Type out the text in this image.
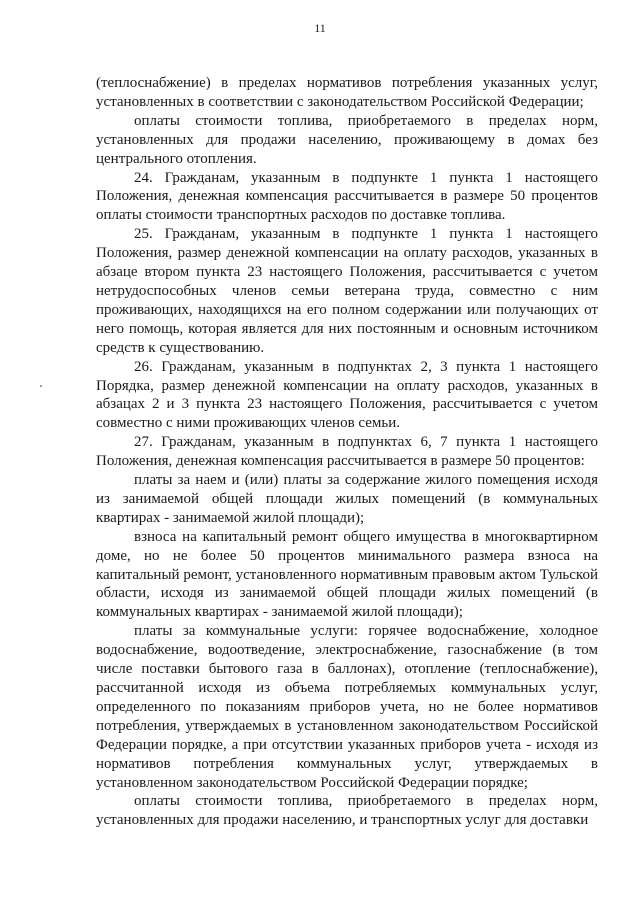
11

(теплоснабжение) в пределах нормативов потребления указанных услуг, установленных в соответствии с законодательством Российской Федерации;

оплаты стоимости топлива, приобретаемого в пределах норм, установленных для продажи населению, проживающему в домах без центрального отопления.

24. Гражданам, указанным в подпункте 1 пункта 1 настоящего Положения, денежная компенсация рассчитывается в размере 50 процентов оплаты стоимости транспортных расходов по доставке топлива.

25. Гражданам, указанным в подпункте 1 пункта 1 настоящего Положения, размер денежной компенсации на оплату расходов, указанных в абзаце втором пункта 23 настоящего Положения, рассчитывается с учетом нетрудоспособных членов семьи ветерана труда, совместно с ним проживающих, находящихся на его полном содержании или получающих от него помощь, которая является для них постоянным и основным источником средств к существованию.

26. Гражданам, указанным в подпунктах 2, 3 пункта 1 настоящего Порядка, размер денежной компенсации на оплату расходов, указанных в абзацах 2 и 3 пункта 23 настоящего Положения, рассчитывается с учетом совместно с ними проживающих членов семьи.

27. Гражданам, указанным в подпунктах 6, 7 пункта 1 настоящего Положения, денежная компенсация рассчитывается в размере 50 процентов:

платы за наем и (или) платы за содержание жилого помещения исходя из занимаемой общей площади жилых помещений (в коммунальных квартирах - занимаемой жилой площади);

взноса на капитальный ремонт общего имущества в многоквартирном доме, но не более 50 процентов минимального размера взноса на капитальный ремонт, установленного нормативным правовым актом Тульской области, исходя из занимаемой общей площади жилых помещений (в коммунальных квартирах - занимаемой жилой площади);

платы за коммунальные услуги: горячее водоснабжение, холодное водоснабжение, водоотведение, электроснабжение, газоснабжение (в том числе поставки бытового газа в баллонах), отопление (теплоснабжение), рассчитанной исходя из объема потребляемых коммунальных услуг, определенного по показаниям приборов учета, но не более нормативов потребления, утверждаемых в установленном законодательством Российской Федерации порядке, а при отсутствии указанных приборов учета - исходя из нормативов потребления коммунальных услуг, утверждаемых в установленном законодательством Российской Федерации порядке;

оплаты стоимости топлива, приобретаемого в пределах норм, установленных для продажи населению, и транспортных услуг для доставки
